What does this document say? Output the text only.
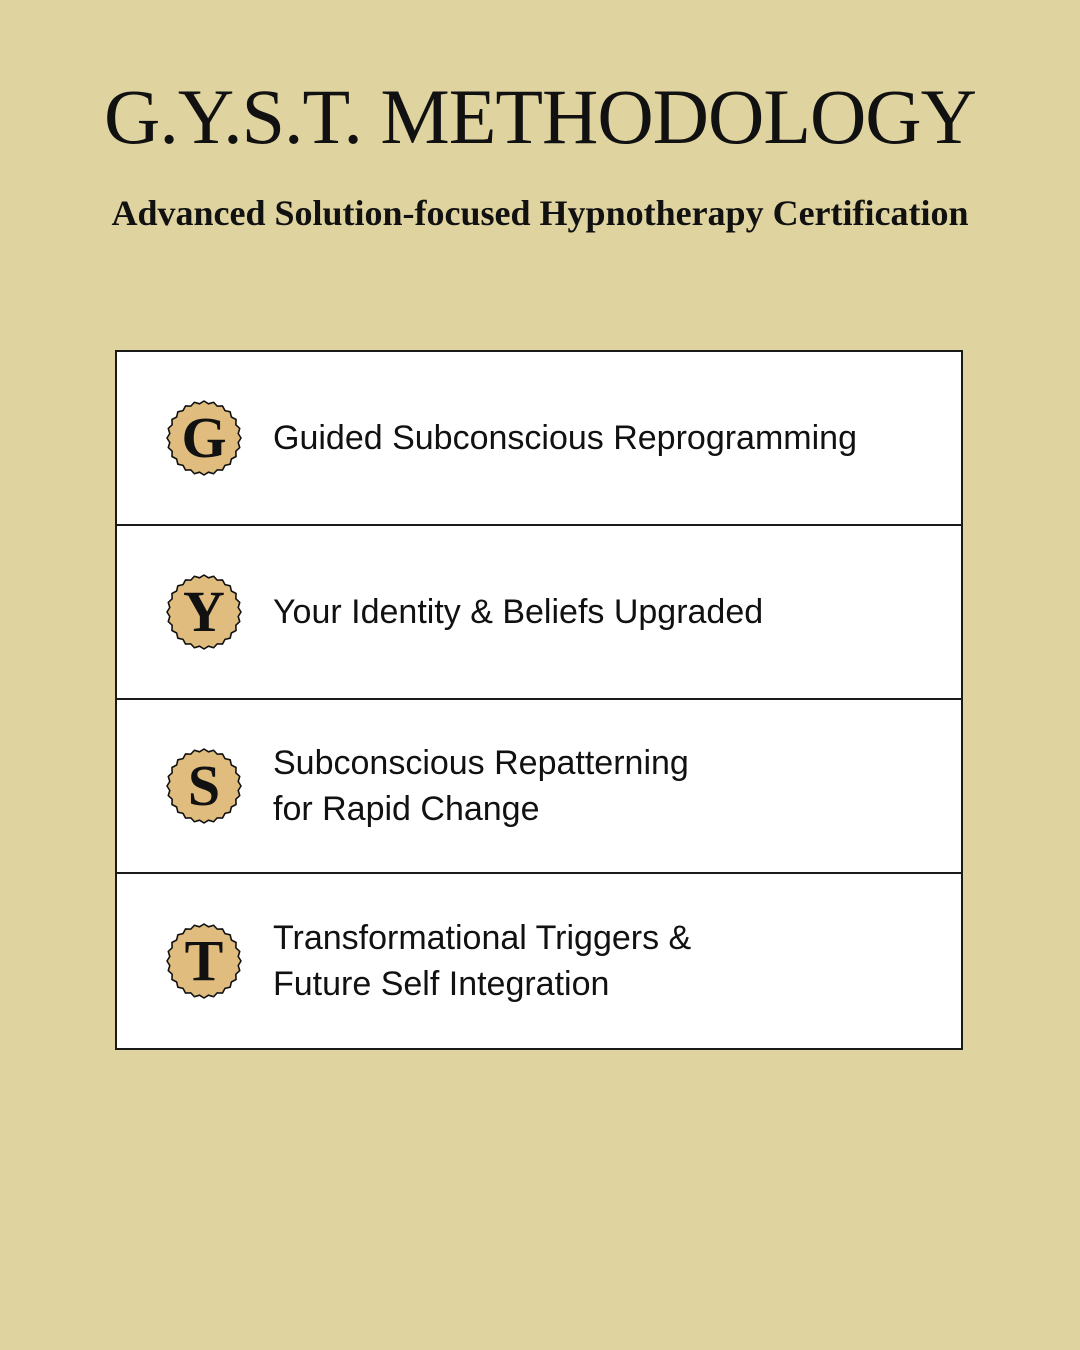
G.Y.S.T. METHODOLOGY
Advanced Solution-focused Hypnotherapy Certification
G	Guided Subconscious Reprogramming
Y	Your Identity & Beliefs Upgraded
S	Subconscious Repatterning
for Rapid Change
T	Transformational Triggers &
Future Self Integration
